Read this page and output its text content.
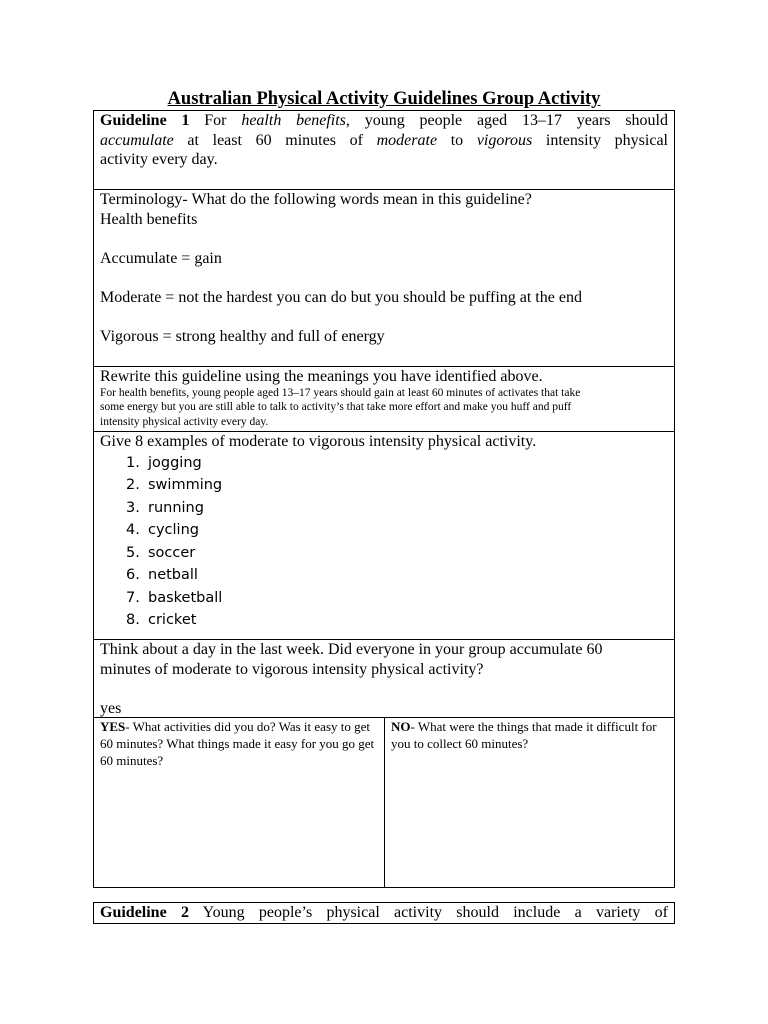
Australian Physical Activity Guidelines Group Activity
Guideline 1 For health benefits, young people aged 13–17 years should
accumulate at least 60 minutes of moderate to vigorous intensity physical
activity every day.
Terminology- What do the following words mean in this guideline?
Health benefits
Accumulate = gain
Moderate = not the hardest you can do but you should be puffing at the end
Vigorous = strong healthy and full of energy
Rewrite this guideline using the meanings you have identified above.
For health benefits, young people aged 13–17 years should gain at least 60 minutes of activates that take
some energy but you are still able to talk to activity’s that take more effort and make you huff and puff
intensity physical activity every day.
Give 8 examples of moderate to vigorous intensity physical activity.
1. jogging
2. swimming
3. running
4. cycling
5. soccer
6. netball
7. basketball
8. cricket
Think about a day in the last week. Did everyone in your group accumulate 60
minutes of moderate to vigorous intensity physical activity?
yes
YES- What activities did you do? Was it easy to get 60 minutes? What things made it easy for you go get 60 minutes?
NO- What were the things that made it difficult for you to collect 60 minutes?
Guideline 2 Young people’s physical activity should include a variety of
